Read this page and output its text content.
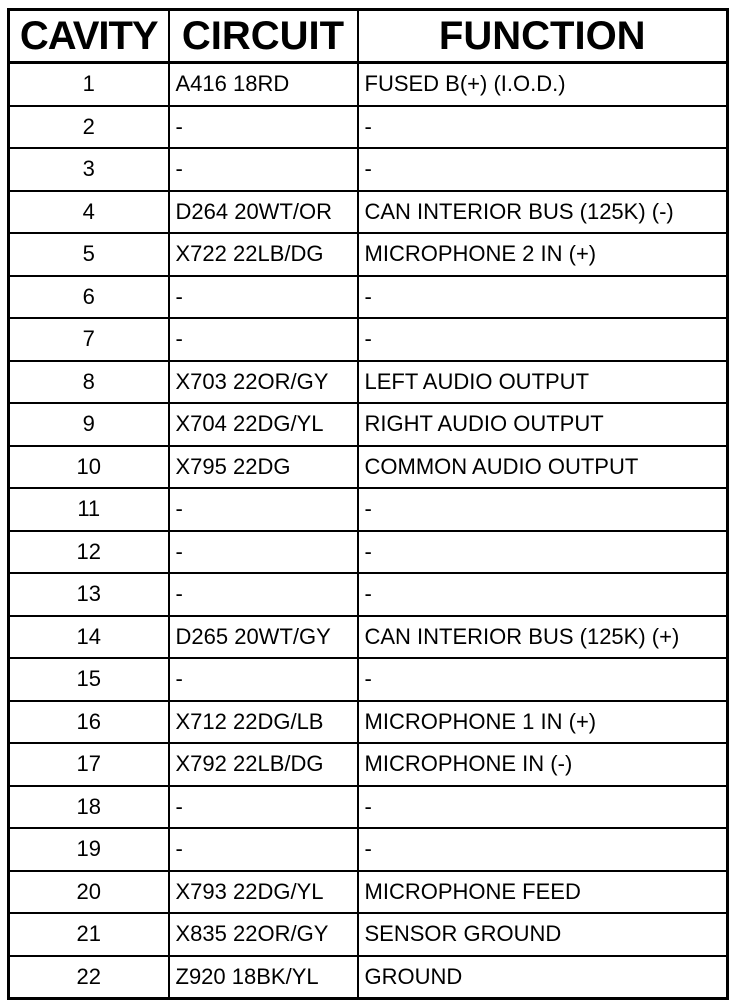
CAVITY	CIRCUIT	FUNCTION
1	A416 18RD	FUSED B(+) (I.O.D.)
2	-	-
3	-	-
4	D264 20WT/OR	CAN INTERIOR BUS (125K) (-)
5	X722 22LB/DG	MICROPHONE 2 IN (+)
6	-	-
7	-	-
8	X703 22OR/GY	LEFT AUDIO OUTPUT
9	X704 22DG/YL	RIGHT AUDIO OUTPUT
10	X795 22DG	COMMON AUDIO OUTPUT
11	-	-
12	-	-
13	-	-
14	D265 20WT/GY	CAN INTERIOR BUS (125K) (+)
15	-	-
16	X712 22DG/LB	MICROPHONE 1 IN (+)
17	X792 22LB/DG	MICROPHONE IN (-)
18	-	-
19	-	-
20	X793 22DG/YL	MICROPHONE FEED
21	X835 22OR/GY	SENSOR GROUND
22	Z920 18BK/YL	GROUND
